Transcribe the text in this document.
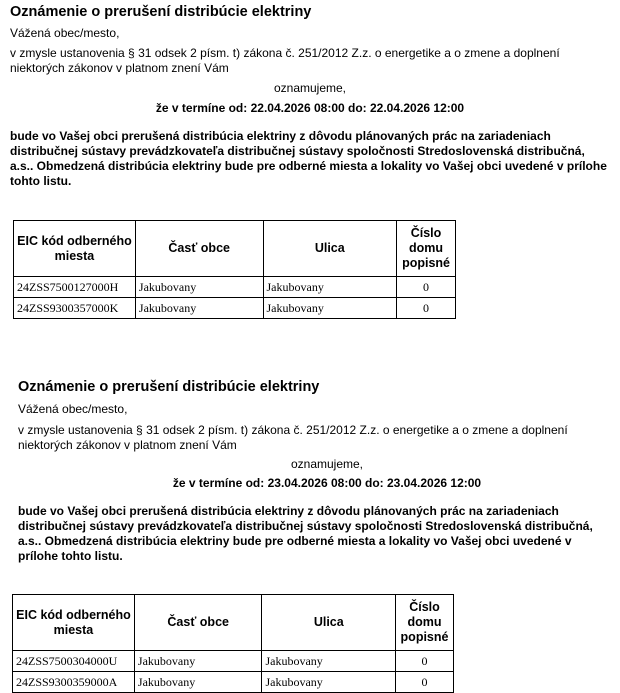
Oznámenie o prerušení distribúcie elektriny
Vážená obec/mesto,
v zmysle ustanovenia § 31 odsek 2 písm. t) zákona č. 251/2012 Z.z. o energetike a o zmene a doplnení niektorých zákonov v platnom znení Vám
oznamujeme,
že v termíne od: 22.04.2026 08:00 do: 22.04.2026 12:00
bude vo Vašej obci prerušená distribúcia elektriny z dôvodu plánovaných prác na zariadeniach distribučnej sústavy prevádzkovateľa distribučnej sústavy spoločnosti Stredoslovenská distribučná, a.s.. Obmedzená distribúcia elektriny bude pre odberné miesta a lokality vo Vašej obci uvedené v prílohe tohto listu.
EIC kód odberného miesta	Časť obce	Ulica	Číslo domu popisné
24ZSS7500127000H	Jakubovany	Jakubovany	0
24ZSS9300357000K	Jakubovany	Jakubovany	0
Oznámenie o prerušení distribúcie elektriny
Vážená obec/mesto,
v zmysle ustanovenia § 31 odsek 2 písm. t) zákona č. 251/2012 Z.z. o energetike a o zmene a doplnení niektorých zákonov v platnom znení Vám
oznamujeme,
že v termíne od: 23.04.2026 08:00 do: 23.04.2026 12:00
bude vo Vašej obci prerušená distribúcia elektriny z dôvodu plánovaných prác na zariadeniach distribučnej sústavy prevádzkovateľa distribučnej sústavy spoločnosti Stredoslovenská distribučná, a.s.. Obmedzená distribúcia elektriny bude pre odberné miesta a lokality vo Vašej obci uvedené v prílohe tohto listu.
EIC kód odberného miesta	Časť obce	Ulica	Číslo domu popisné
24ZSS7500304000U	Jakubovany	Jakubovany	0
24ZSS9300359000A	Jakubovany	Jakubovany	0
